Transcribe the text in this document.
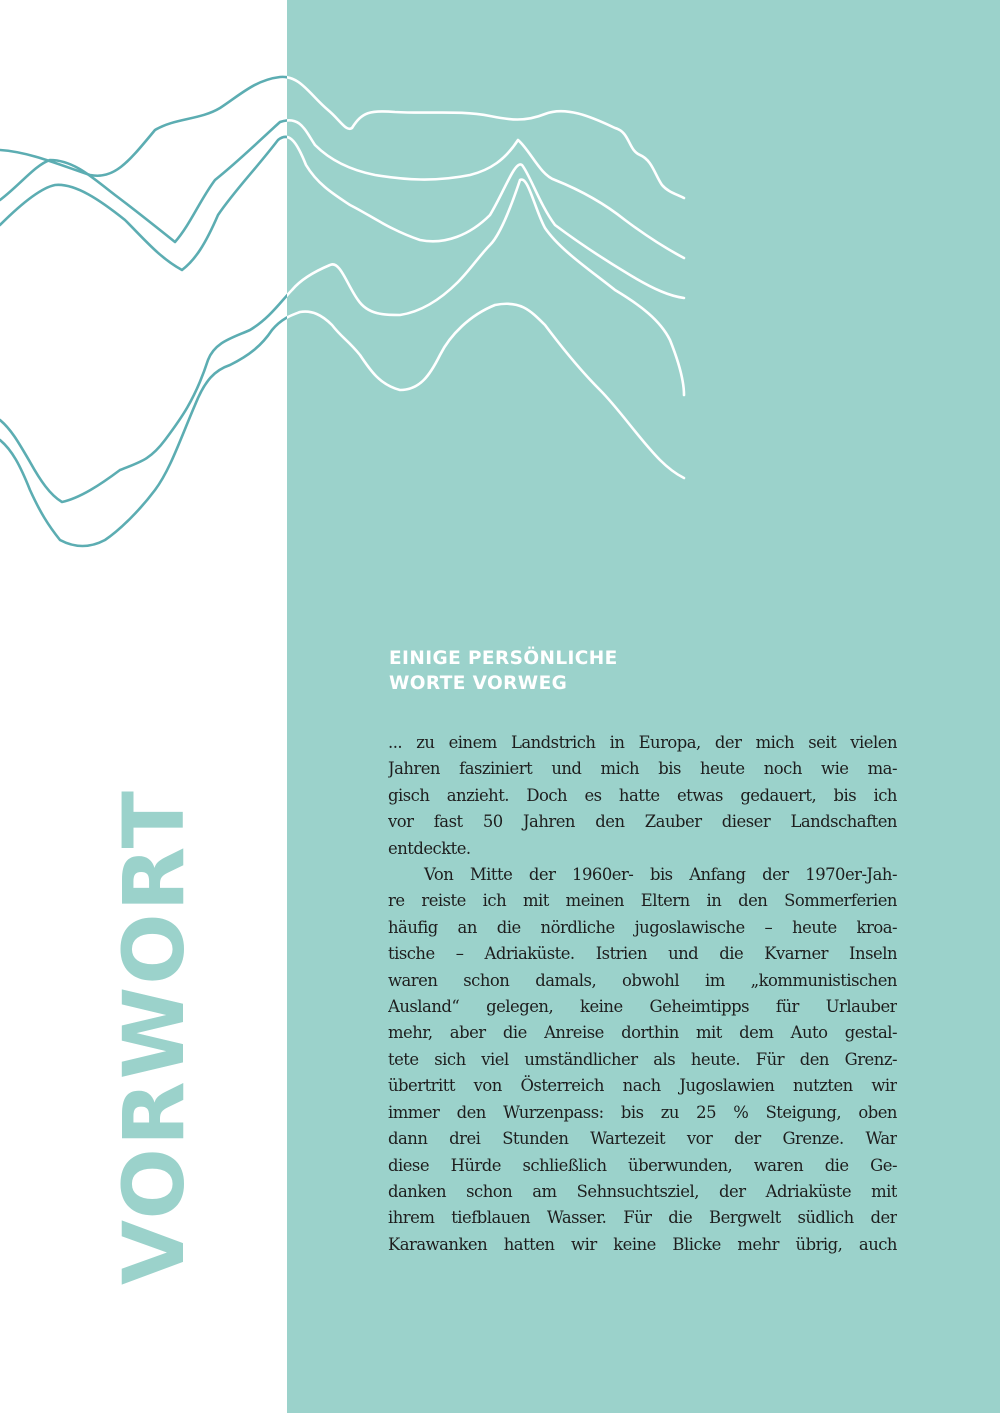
VORWORT
EINIGE PERSÖNLICHE
WORTE VORWEG
... zu einem Landstrich in Europa, der mich seit vielen
Jahren fasziniert und mich bis heute noch wie ma-
gisch anzieht. Doch es hatte etwas gedauert, bis ich
vor fast 50 Jahren den Zauber dieser Landschaften
entdeckte.
Von Mitte der 1960er- bis Anfang der 1970er-Jah-
re reiste ich mit meinen Eltern in den Sommerferien
häufig an die nördliche jugoslawische – heute kroa-
tische – Adriaküste. Istrien und die Kvarner Inseln
waren schon damals, obwohl im „kommunistischen
Ausland“ gelegen, keine Geheimtipps für Urlauber
mehr, aber die Anreise dorthin mit dem Auto gestal-
tete sich viel umständlicher als heute. Für den Grenz-
übertritt von Österreich nach Jugoslawien nutzten wir
immer den Wurzenpass: bis zu 25 % Steigung, oben
dann drei Stunden Wartezeit vor der Grenze. War
diese Hürde schließlich überwunden, waren die Ge-
danken schon am Sehnsuchtsziel, der Adriaküste mit
ihrem tiefblauen Wasser. Für die Bergwelt südlich der
Karawanken hatten wir keine Blicke mehr übrig, auch
